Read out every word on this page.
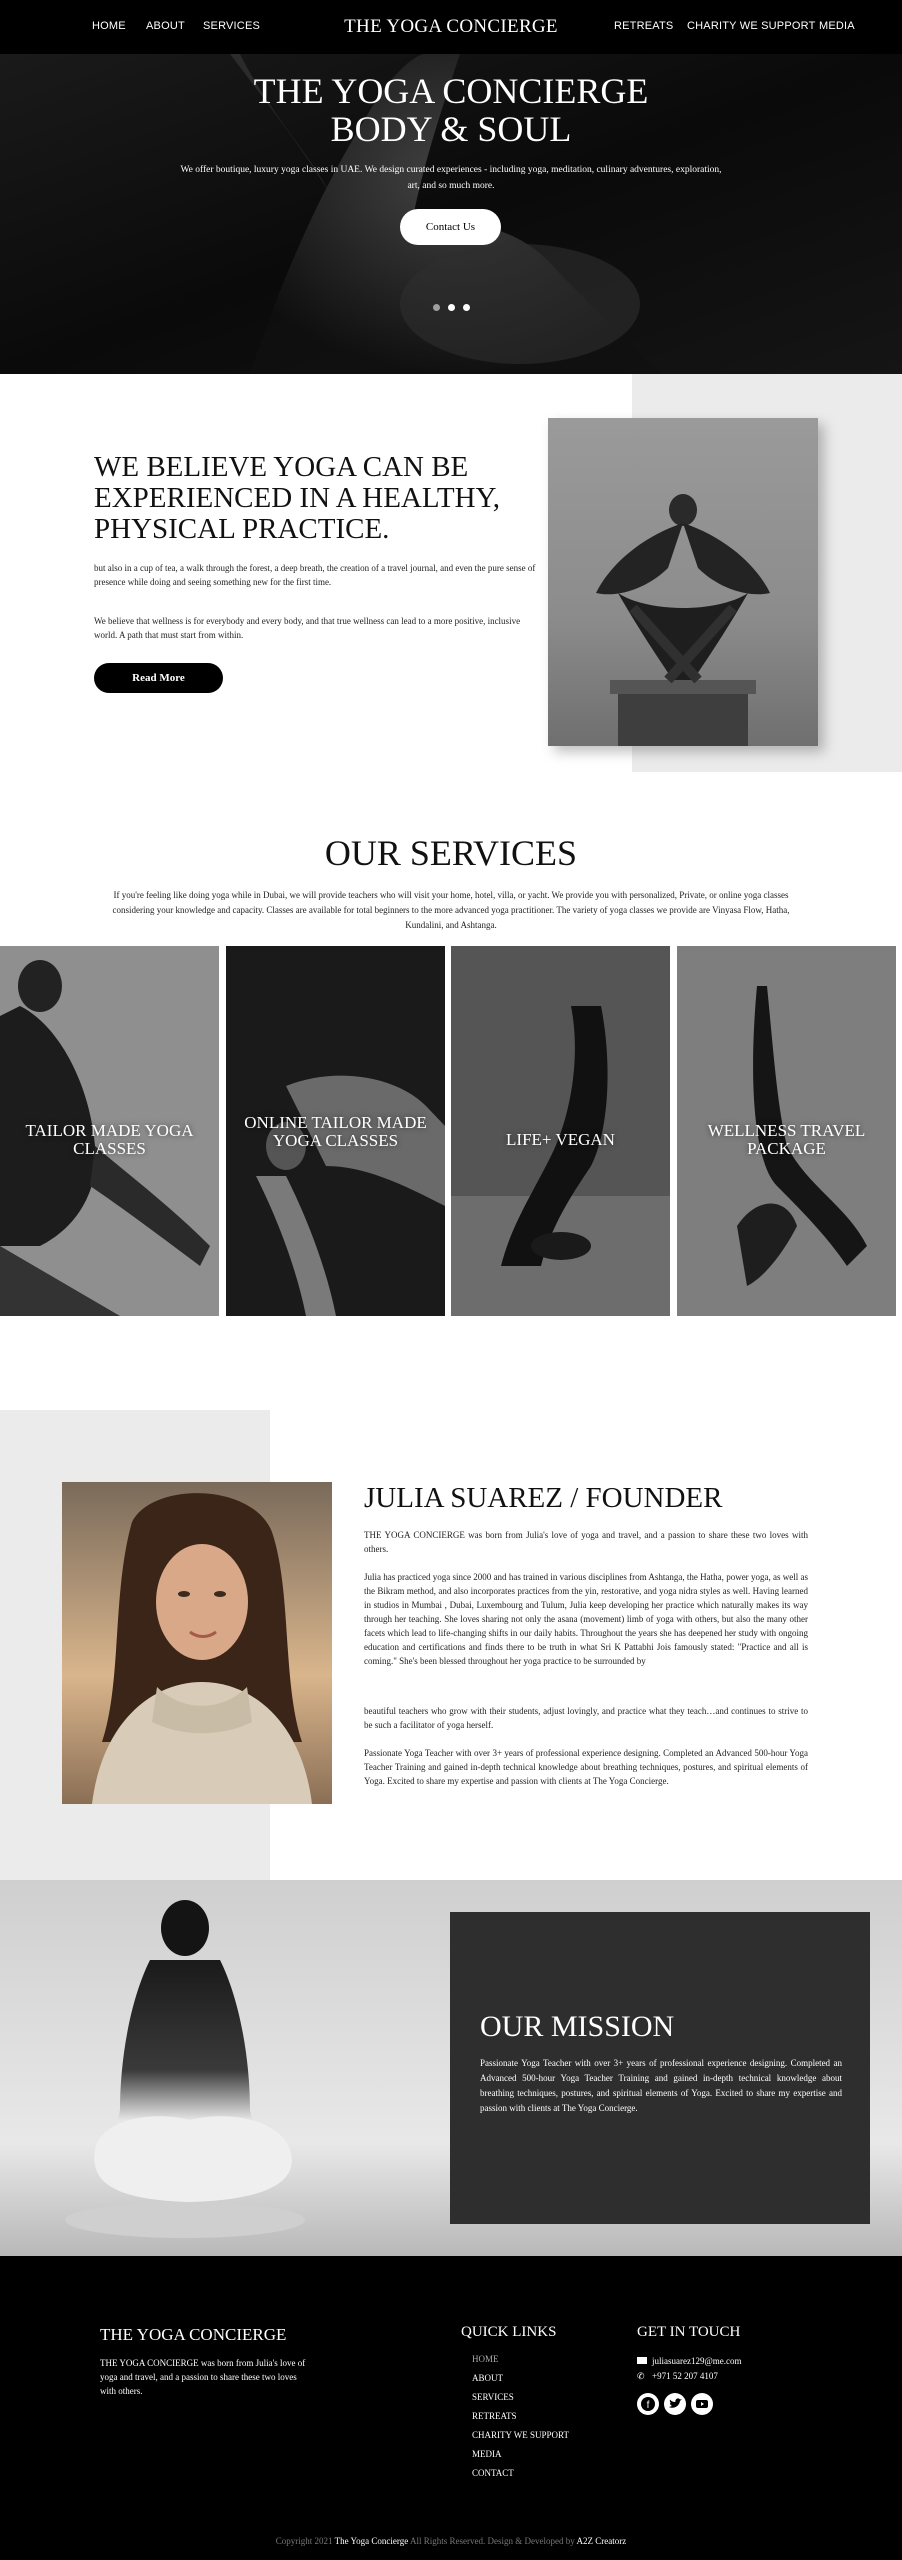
HOME ABOUT SERVICES	THE YOGA CONCIERGE	RETREATS CHARITY WE SUPPORT MEDIA
THE YOGA CONCIERGE
BODY & SOUL
We offer boutique, luxury yoga classes in UAE. We design curated experiences - including yoga, meditation, culinary adventures, exploration, art, and so much more.
Contact Us
WE BELIEVE YOGA CAN BE EXPERIENCED IN A HEALTHY, PHYSICAL PRACTICE.
but also in a cup of tea, a walk through the forest, a deep breath, the creation of a travel journal, and even the pure sense of presence while doing and seeing something new for the first time.
We believe that wellness is for everybody and every body, and that true wellness can lead to a more positive, inclusive world. A path that must start from within.
Read More
OUR SERVICES
If you're feeling like doing yoga while in Dubai, we will provide teachers who will visit your home, hotel, villa, or yacht. We provide you with personalized, Private, or online yoga classes considering your knowledge and capacity. Classes are available for total beginners to the more advanced yoga practitioner. The variety of yoga classes we provide are Vinyasa Flow, Hatha, Kundalini, and Ashtanga.
TAILOR MADE YOGA CLASSES
ONLINE TAILOR MADE YOGA CLASSES	LIFE+ VEGAN	WELLNESS TRAVEL PACKAGE
JULIA SUAREZ / FOUNDER
THE YOGA CONCIERGE was born from Julia's love of yoga and travel, and a passion to share these two loves with others.
Julia has practiced yoga since 2000 and has trained in various disciplines from Ashtanga, the Hatha, power yoga, as well as the Bikram method, and also incorporates practices from the yin, restorative, and yoga nidra styles as well. Having learned in studios in Mumbai , Dubai, Luxembourg and Tulum, Julia keep developing her practice which naturally makes its way through her teaching. She loves sharing not only the asana (movement) limb of yoga with others, but also the many other facets which lead to life-changing shifts in our daily habits. Throughout the years she has deepened her study with ongoing education and certifications and finds there to be truth in what Sri K Pattabhi Jois famously stated: "Practice and all is coming." She's been blessed throughout her yoga practice to be surrounded by
beautiful teachers who grow with their students, adjust lovingly, and practice what they teach…and continues to strive to be such a facilitator of yoga herself.
Passionate Yoga Teacher with over 3+ years of professional experience designing. Completed an Advanced 500-hour Yoga Teacher Training and gained in-depth technical knowledge about breathing techniques, postures, and spiritual elements of Yoga. Excited to share my expertise and passion with clients at The Yoga Concierge.
OUR MISSION
Passionate Yoga Teacher with over 3+ years of professional experience designing. Completed an Advanced 500-hour Yoga Teacher Training and gained in-depth technical knowledge about breathing techniques, postures, and spiritual elements of Yoga. Excited to share my expertise and passion with clients at The Yoga Concierge.
THE YOGA CONCIERGE
THE YOGA CONCIERGE was born from Julia's love of yoga and travel, and a passion to share these two loves with others.
QUICK LINKS
HOME
ABOUT
SERVICES
RETREATS
CHARITY WE SUPPORT
MEDIA
CONTACT
GET IN TOUCH
juliasuarez129@me.com
✆ +971 52 207 4107
f
Copyright 2021 The Yoga Concierge All Rights Reserved. Design & Developed by A2Z Creatorz
